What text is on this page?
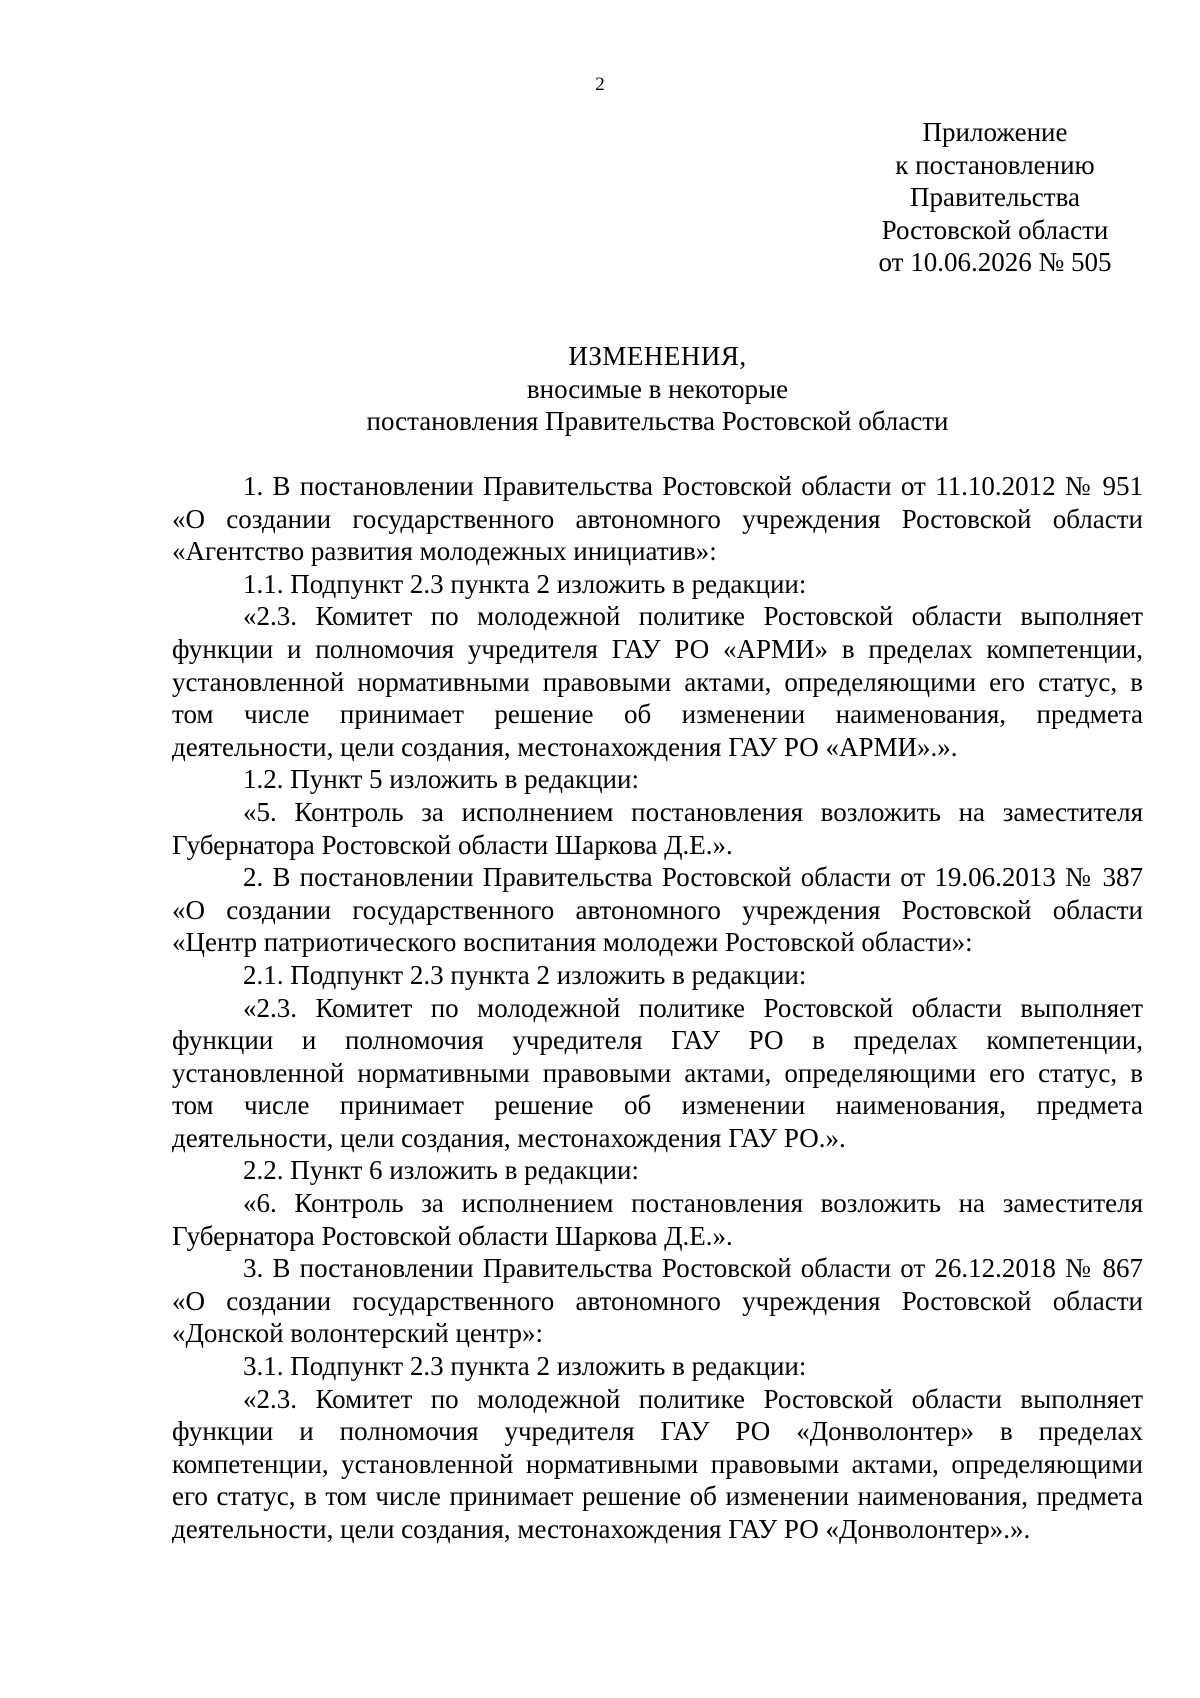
2
Приложение
к постановлению
Правительства
Ростовской области
от 10.06.2026 № 505
ИЗМЕНЕНИЯ,
вносимые в некоторые
постановления Правительства Ростовской области

1. В постановлении Правительства Ростовской области от 11.10.2012 № 951 «О создании государственного автономного учреждения Ростовской области «Агентство развития молодежных инициатив»:

1.1. Подпункт 2.3 пункта 2 изложить в редакции:

«2.3. Комитет по молодежной политике Ростовской области выполняет функции и полномочия учредителя ГАУ РО «АРМИ» в пределах компетенции, установленной нормативными правовыми актами, определяющими его статус, в том числе принимает решение об изменении наименования, предмета деятельности, цели создания, местонахождения ГАУ РО «АРМИ».».

1.2. Пункт 5 изложить в редакции:

«5. Контроль за исполнением постановления возложить на заместителя Губернатора Ростовской области Шаркова Д.Е.».

2. В постановлении Правительства Ростовской области от 19.06.2013 № 387 «О создании государственного автономного учреждения Ростовской области «Центр патриотического воспитания молодежи Ростовской области»:

2.1. Подпункт 2.3 пункта 2 изложить в редакции:

«2.3. Комитет по молодежной политике Ростовской области выполняет функции и полномочия учредителя ГАУ РО в пределах компетенции, установленной нормативными правовыми актами, определяющими его статус, в том числе принимает решение об изменении наименования, предмета деятельности, цели создания, местонахождения ГАУ РО.».

2.2. Пункт 6 изложить в редакции:

«6. Контроль за исполнением постановления возложить на заместителя Губернатора Ростовской области Шаркова Д.Е.».

3. В постановлении Правительства Ростовской области от 26.12.2018 № 867 «О создании государственного автономного учреждения Ростовской области «Донской волонтерский центр»:

3.1. Подпункт 2.3 пункта 2 изложить в редакции:

«2.3. Комитет по молодежной политике Ростовской области выполняет функции и полномочия учредителя ГАУ РО «Донволонтер» в пределах компетенции, установленной нормативными правовыми актами, определяющими его статус, в том числе принимает решение об изменении наименования, предмета деятельности, цели создания, местонахождения ГАУ РО «Донволонтер».».
